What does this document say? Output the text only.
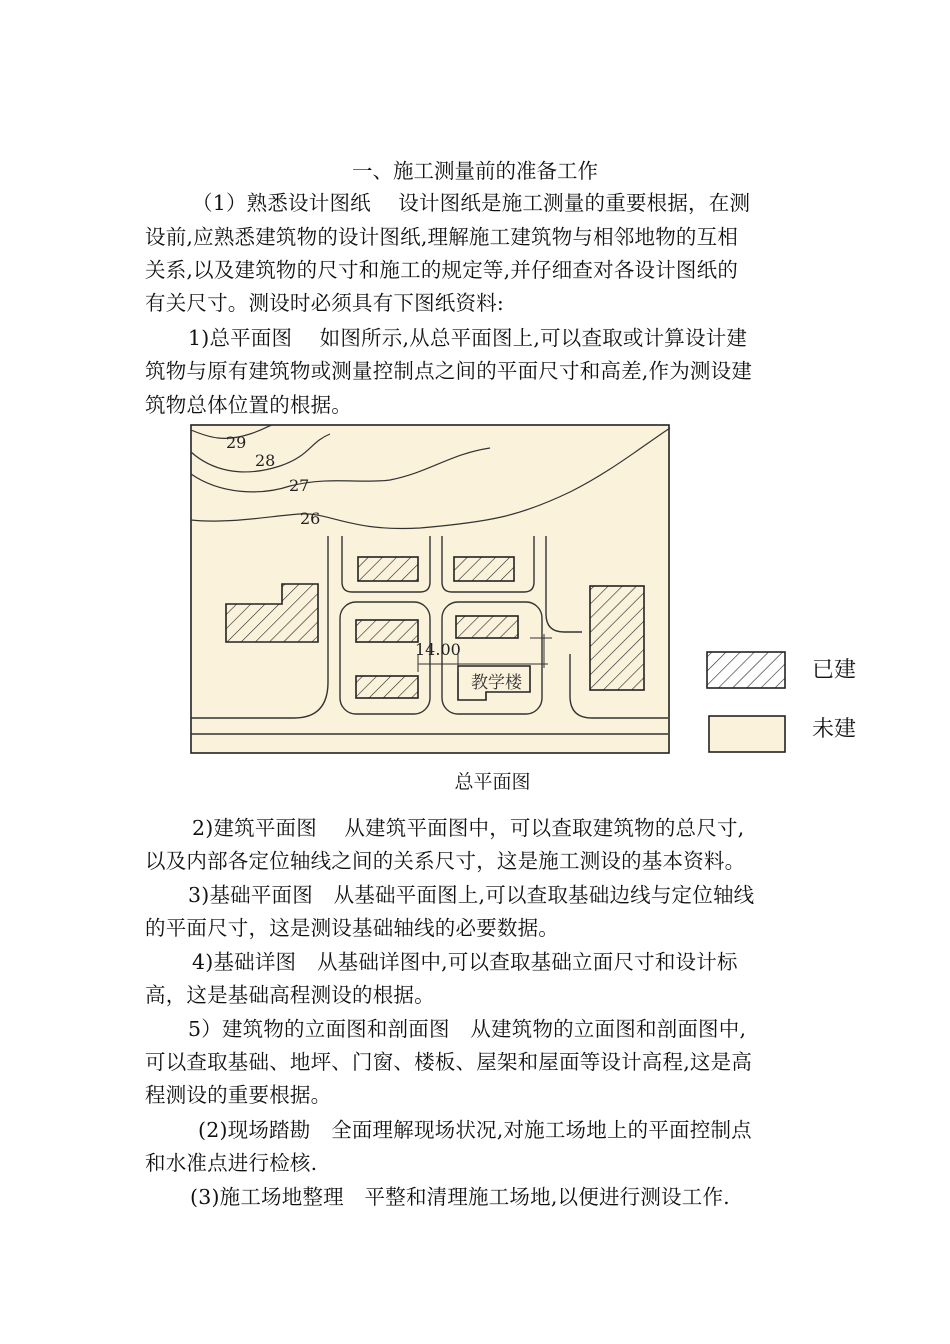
一、施工测量前的准备工作
（1）熟悉设计图纸　 设计图纸是施工测量的重要根据，在测
设前,应熟悉建筑物的设计图纸,理解施工建筑物与相邻地物的互相
关系,以及建筑物的尺寸和施工的规定等,并仔细查对各设计图纸的
有关尺寸。测设时必须具有下图纸资料:
1)总平面图　 如图所示,从总平面图上,可以查取或计算设计建
筑物与原有建筑物或测量控制点之间的平面尺寸和高差,作为测设建
筑物总体位置的根据。
29
28
27
26
教学楼
14.00
已建
未建
总平面图
2)建筑平面图　 从建筑平面图中，可以查取建筑物的总尺寸,
以及内部各定位轴线之间的关系尺寸，这是施工测设的基本资料。
3)基础平面图　从基础平面图上,可以查取基础边线与定位轴线
的平面尺寸，这是测设基础轴线的必要数据。
4)基础详图　从基础详图中,可以查取基础立面尺寸和设计标
高，这是基础高程测设的根据。
5）建筑物的立面图和剖面图　从建筑物的立面图和剖面图中,
可以查取基础、地坪、门窗、楼板、屋架和屋面等设计高程,这是高
程测设的重要根据。
(2)现场踏勘　全面理解现场状况,对施工场地上的平面控制点
和水准点进行检核.
(3)施工场地整理　平整和清理施工场地,以便进行测设工作.
